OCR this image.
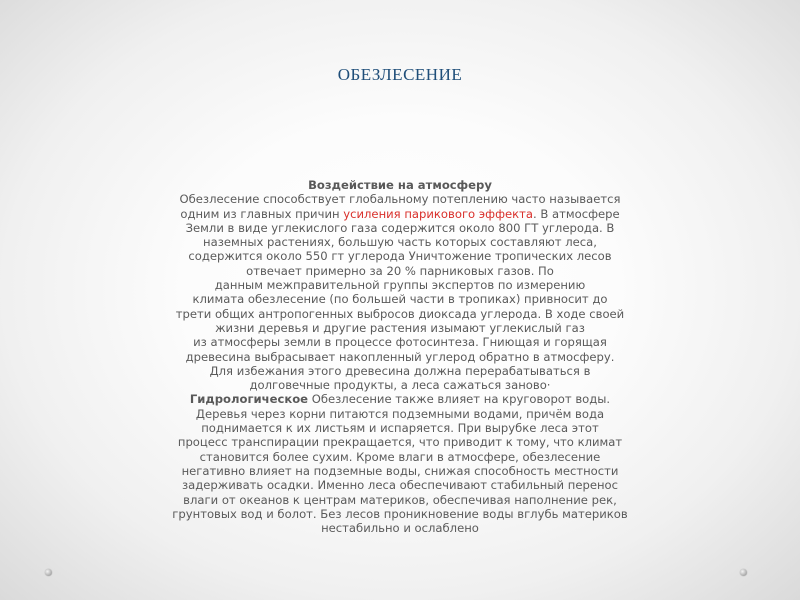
ОБЕЗЛЕСЕНИЕ
Воздействие на атмосферу
Обезлесение способствует глобальному потеплению часто называется
одним из главных причин усиления парикового эффекта. В атмосфере
Земли в виде углекислого газа содержится около 800 ГТ углерода. В
наземных растениях, большую часть которых составляют леса,
содержится около 550 гт углерода Уничтожение тропических лесов
отвечает примерно за 20 % парниковых газов. По
данным межправительной группы экспертов по измерению
климата обезлесение (по большей части в тропиках) привносит до
трети общих антропогенных выбросов диоксада углерода. В ходе своей
жизни деревья и другие растения изымают углекислый газ
из атмосферы земли в процессе фотосинтеза. Гниющая и горящая
древесина выбрасывает накопленный углерод обратно в атмосферу.
Для избежания этого древесина должна перерабатываться в
долговечные продукты, а леса сажаться заново·
Гидрологическое Обезлесение также влияет на круговорот воды.
Деревья через корни питаются подземными водами, причём вода
поднимается к их листьям и испаряется. При вырубке леса этот
процесс транспирации прекращается, что приводит к тому, что климат
становится более сухим. Кроме влаги в атмосфере, обезлесение
негативно влияет на подземные воды, снижая способность местности
задерживать осадки. Именно леса обеспечивают стабильный перенос
влаги от океанов к центрам материков, обеспечивая наполнение рек,
грунтовых вод и болот. Без лесов проникновение воды вглубь материков
нестабильно и ослаблено
